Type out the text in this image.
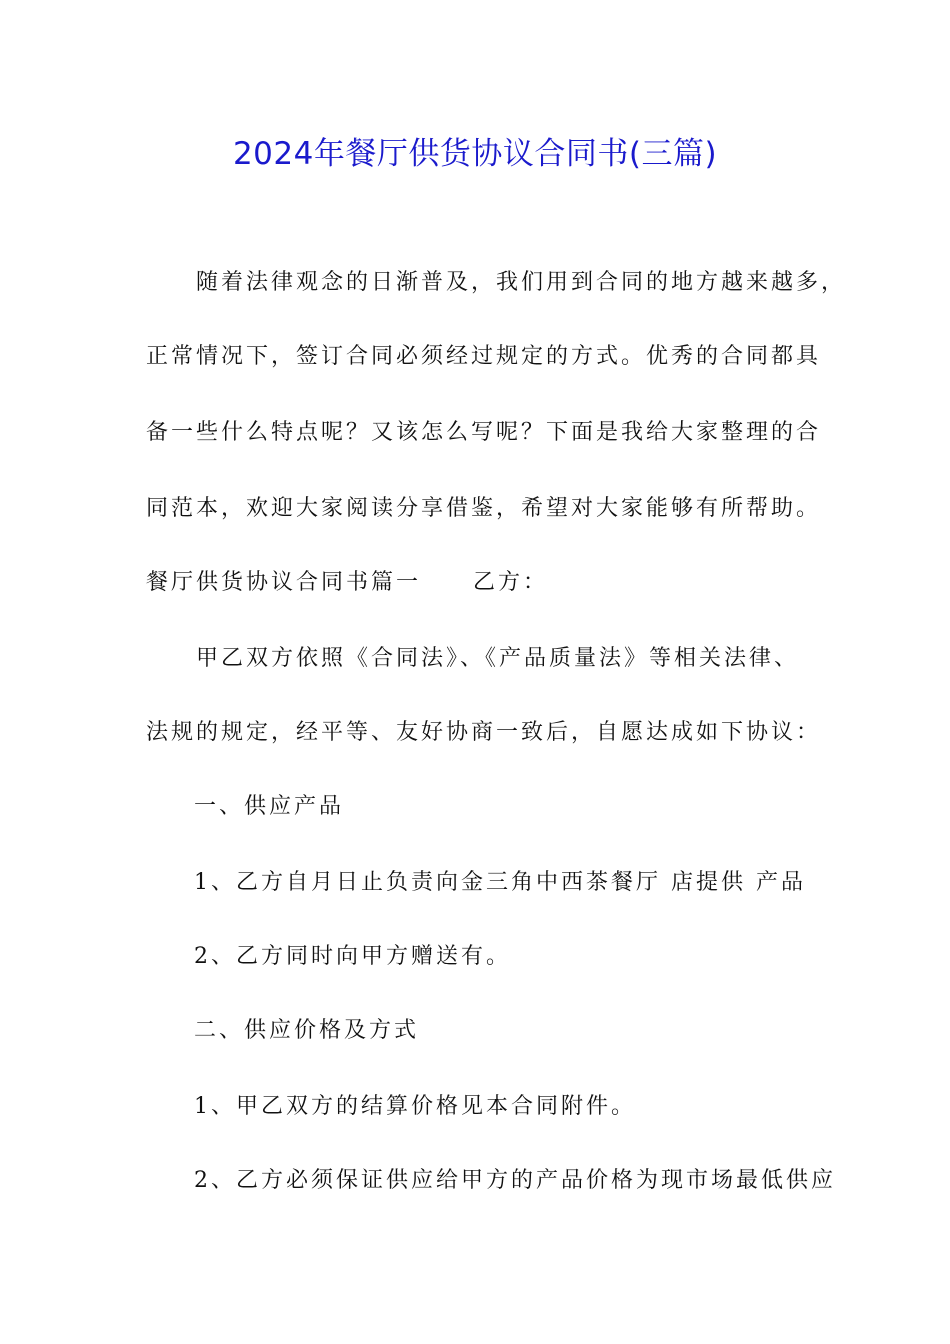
2024年餐厅供货协议合同书(三篇)
随着法律观念的日渐普及，我们用到合同的地方越来越多，
正常情况下，签订合同必须经过规定的方式。优秀的合同都具
备一些什么特点呢？又该怎么写呢？下面是我给大家整理的合
同范本，欢迎大家阅读分享借鉴，希望对大家能够有所帮助。
餐厅供货协议合同书篇一 乙方：
甲乙双方依照《合同法》、《产品质量法》等相关法律、
法规的规定，经平等、友好协商一致后，自愿达成如下协议：
一、供应产品
1、乙方自月日止负责向金三角中西茶餐厅 店提供 产品
2、乙方同时向甲方赠送有。
二、供应价格及方式
1、甲乙双方的结算价格见本合同附件。
2、乙方必须保证供应给甲方的产品价格为现市场最低供应
